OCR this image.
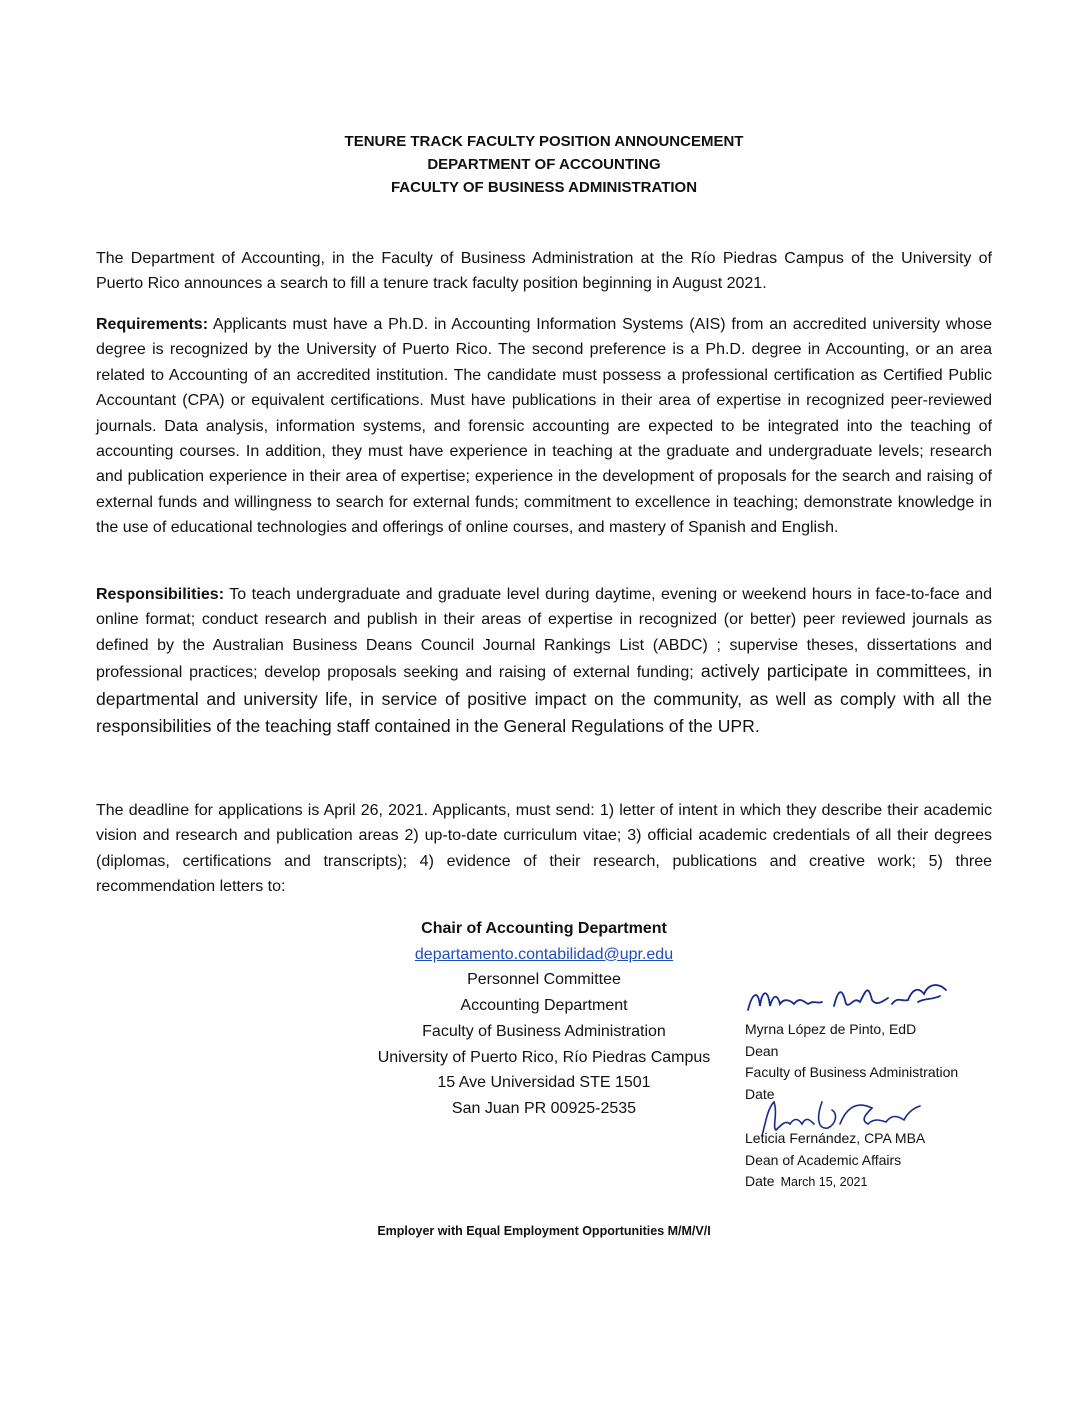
TENURE TRACK FACULTY POSITION ANNOUNCEMENT
DEPARTMENT OF ACCOUNTING
FACULTY OF BUSINESS ADMINISTRATION
The Department of Accounting, in the Faculty of Business Administration at the Río Piedras Campus of the University of Puerto Rico announces a search to fill a tenure track faculty position beginning in August 2021.
Requirements: Applicants must have a Ph.D. in Accounting Information Systems (AIS) from an accredited university whose degree is recognized by the University of Puerto Rico. The second preference is a Ph.D. degree in Accounting, or an area related to Accounting of an accredited institution. The candidate must possess a professional certification as Certified Public Accountant (CPA) or equivalent certifications. Must have publications in their area of expertise in recognized peer-reviewed journals. Data analysis, information systems, and forensic accounting are expected to be integrated into the teaching of accounting courses. In addition, they must have experience in teaching at the graduate and undergraduate levels; research and publication experience in their area of expertise; experience in the development of proposals for the search and raising of external funds and willingness to search for external funds; commitment to excellence in teaching; demonstrate knowledge in the use of educational technologies and offerings of online courses, and mastery of Spanish and English.
Responsibilities: To teach undergraduate and graduate level during daytime, evening or weekend hours in face-to-face and online format; conduct research and publish in their areas of expertise in recognized (or better) peer reviewed journals as defined by the Australian Business Deans Council Journal Rankings List (ABDC) ; supervise theses, dissertations and professional practices; develop proposals seeking and raising of external funding; actively participate in committees, in departmental and university life, in service of positive impact on the community, as well as comply with all the responsibilities of the teaching staff contained in the General Regulations of the UPR.
The deadline for applications is April 26, 2021. Applicants, must send: 1) letter of intent in which they describe their academic vision and research and publication areas 2) up-to-date curriculum vitae; 3) official academic credentials of all their degrees (diplomas, certifications and transcripts); 4) evidence of their research, publications and creative work; 5) three recommendation letters to:
Chair of Accounting Department
departamento.contabilidad@upr.edu
Personnel Committee
Accounting Department
Faculty of Business Administration
University of Puerto Rico, Río Piedras Campus
15 Ave Universidad STE 1501
San Juan PR 00925-2535
Myrna López de Pinto, EdD
Dean
Faculty of Business Administration
Date
Leticia Fernández, CPA MBA
Dean of Academic Affairs
Date March 15, 2021
Employer with Equal Employment Opportunities M/M/V/I
